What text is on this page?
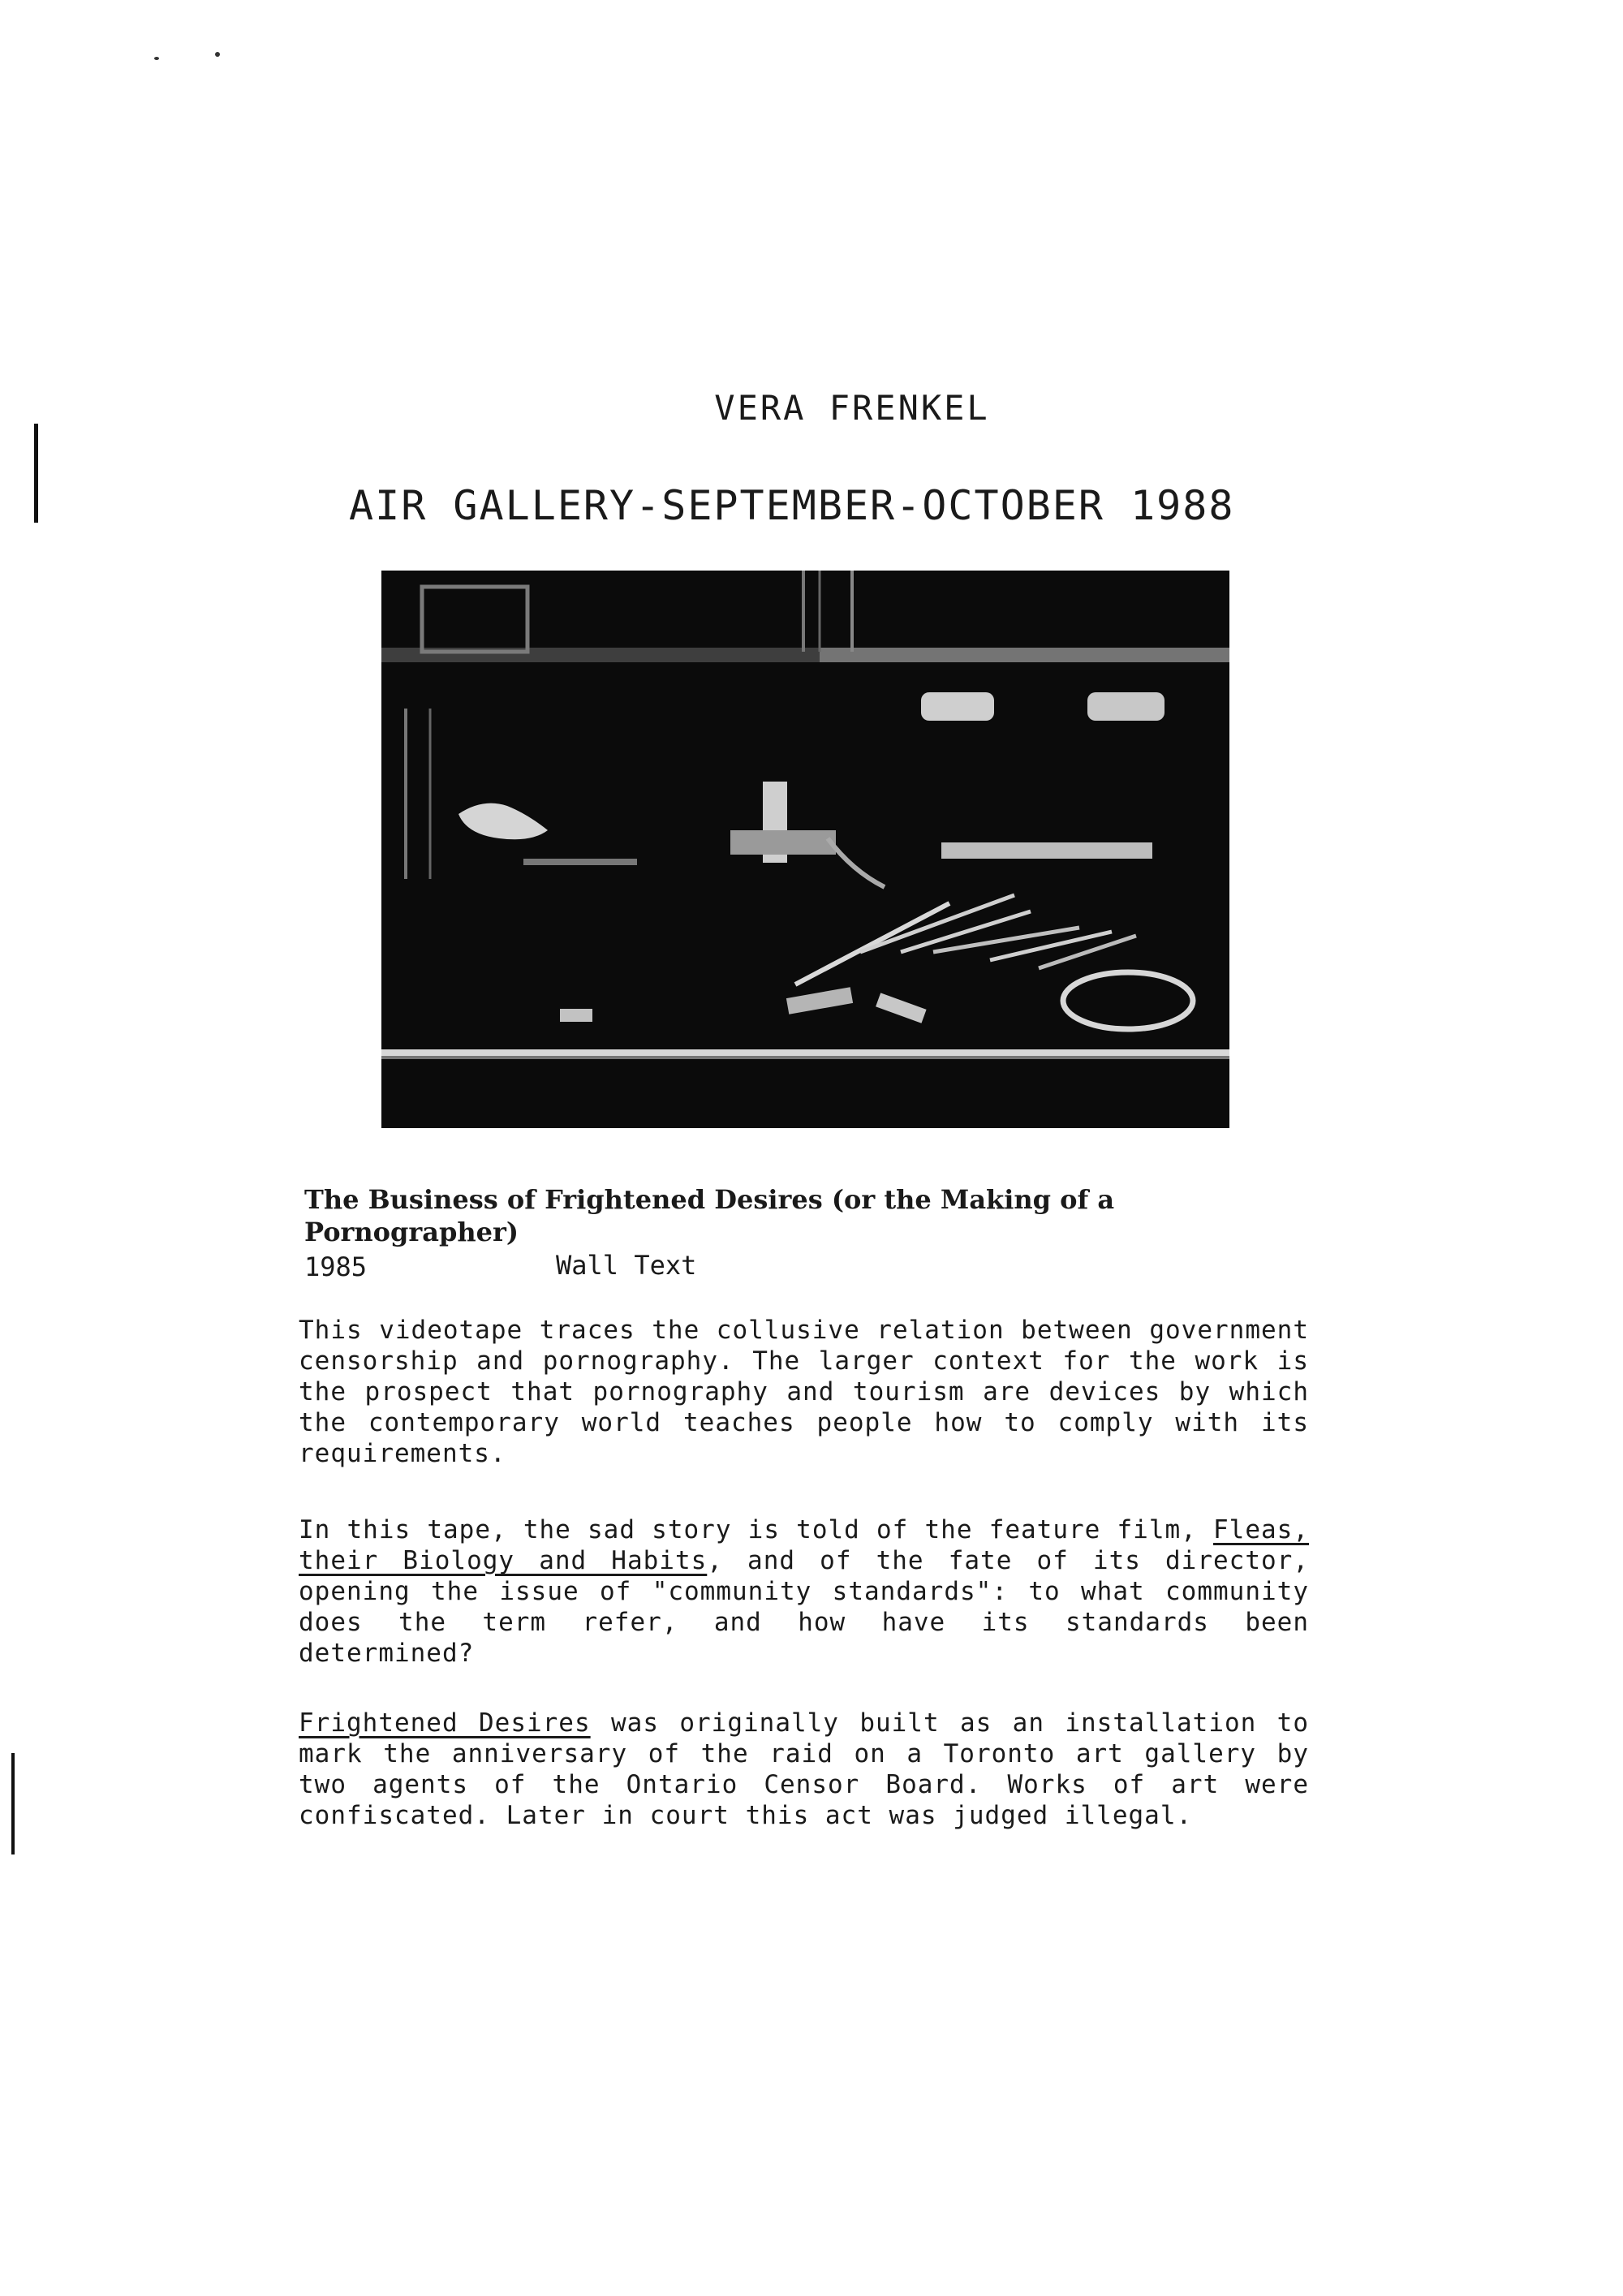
VERA FRENKEL
AIR GALLERY-SEPTEMBER-OCTOBER 1988
The Business of Frightened Desires (or the Making of a Pornographer)
1985	Wall Text
This videotape traces the collusive relation between government censorship and pornography. The larger context for the work is the prospect that pornography and tourism are devices by which the contemporary world teaches people how to comply with its requirements.
In this tape, the sad story is told of the feature film, Fleas, their Biology and Habits, and of the fate of its director, opening the issue of "community standards": to what community does the term refer, and how have its standards been determined?
Frightened Desires was originally built as an installation to mark the anniversary of the raid on a Toronto art gallery by two agents of the Ontario Censor Board. Works of art were confiscated. Later in court this act was judged illegal.
